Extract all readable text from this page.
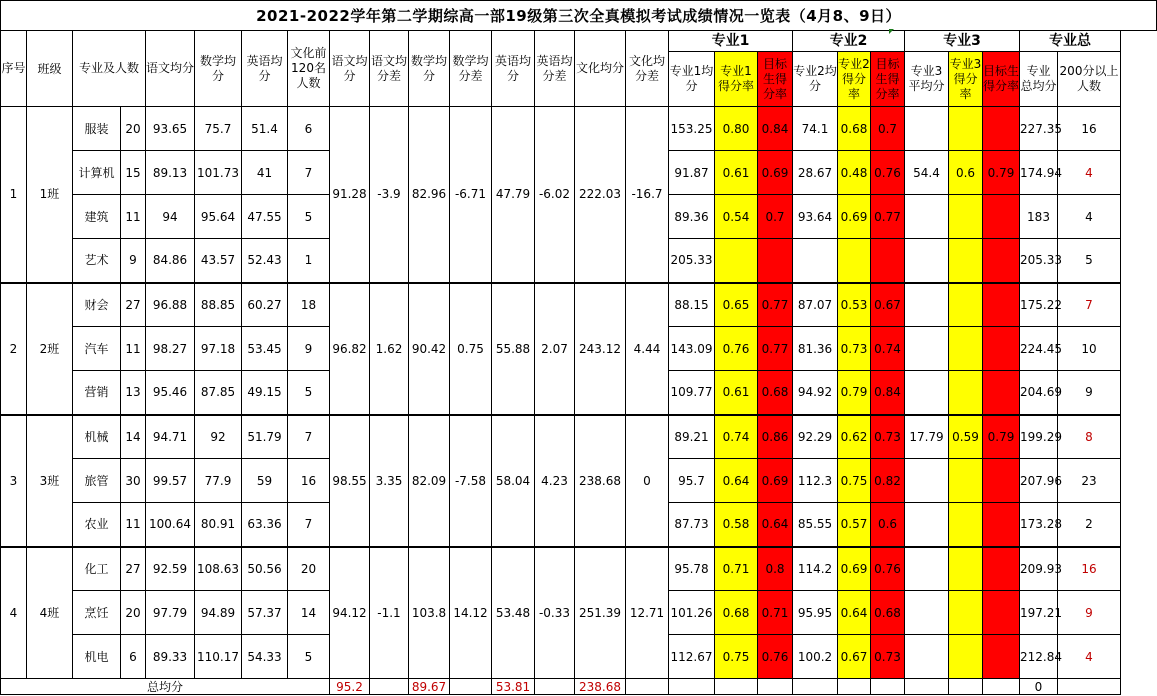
2021-2022学年第二学期综高一部19级第三次全真模拟考试成绩情况一览表（4月8、9日）																										
序号	班级	专业及人数		语文均分	数学均分	英语均分	文化前120名人数	语文均分	语文均分差	数学均分	数学均分差	英语均分	英语均分差	文化均分	文化均分差	专业1			专业2			专业3			专业总	
																专业1均分	专业1得分率	目标生得分率	专业2均分	专业2得分率	目标生得分率	专业3平均分	专业3得分率	目标生得分率	专业 总均分	200分以上人数
1	1班	服装	20	93.65	75.7	51.4	6	91.28	-3.9	82.96	-6.71	47.79	-6.02	222.03	-16.7	153.25	0.80	0.84	74.1	0.68	0.7				227.35	16
		计算机	15	89.13	101.73	41	7									91.87	0.61	0.69	28.67	0.48	0.76	54.4	0.6	0.79	174.94	4
		建筑	11	94	95.64	47.55	5									89.36	0.54	0.7	93.64	0.69	0.77				183	4
		艺术	9	84.86	43.57	52.43	1									205.33									205.33	5
2	2班	财会	27	96.88	88.85	60.27	18	96.82	1.62	90.42	0.75	55.88	2.07	243.12	4.44	88.15	0.65	0.77	87.07	0.53	0.67				175.22	7
		汽车	11	98.27	97.18	53.45	9									143.09	0.76	0.77	81.36	0.73	0.74				224.45	10
		营销	13	95.46	87.85	49.15	5									109.77	0.61	0.68	94.92	0.79	0.84				204.69	9
3	3班	机械	14	94.71	92	51.79	7	98.55	3.35	82.09	-7.58	58.04	4.23	238.68	0	89.21	0.74	0.86	92.29	0.62	0.73	17.79	0.59	0.79	199.29	8
		旅管	30	99.57	77.9	59	16									95.7	0.64	0.69	112.3	0.75	0.82				207.96	23
		农业	11	100.64	80.91	63.36	7									87.73	0.58	0.64	85.55	0.57	0.6				173.28	2
4	4班	化工	27	92.59	108.63	50.56	20	94.12	-1.1	103.8	14.12	53.48	-0.33	251.39	12.71	95.78	0.71	0.8	114.2	0.69	0.76				209.93	16
		烹饪	20	97.79	94.89	57.37	14									101.26	0.68	0.71	95.95	0.64	0.68				197.21	9
		机电	6	89.33	110.17	54.33	5									112.67	0.75	0.76	100.2	0.67	0.73				212.84	4
总均分								95.2		89.67		53.81		238.68											0	
